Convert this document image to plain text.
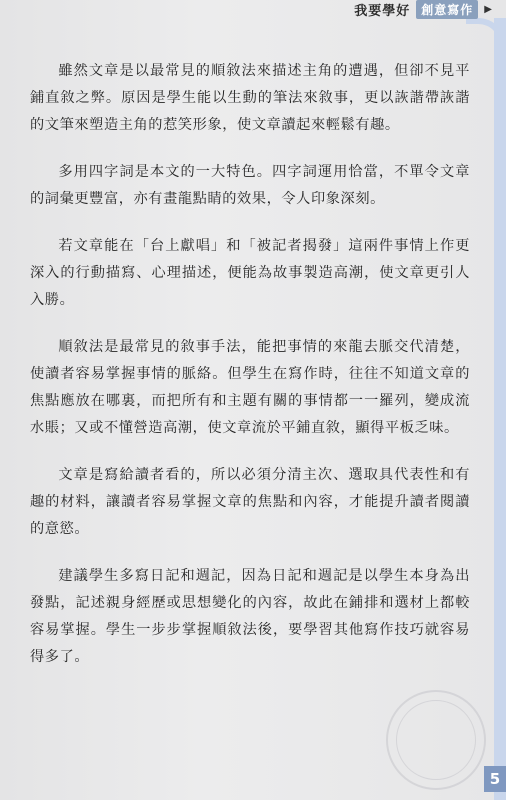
我要學好 創意寫作	▶

雖然文章是以最常見的順敘法來描述主角的遭遇，但卻不見平鋪直敘之弊。原因是學生能以生動的筆法來敘事，更以詼諧帶詼諧的文筆來塑造主角的惹笑形象，使文章讀起來輕鬆有趣。

多用四字詞是本文的一大特色。四字詞運用恰當，不單令文章的詞彙更豐富，亦有畫龍點睛的效果，令人印象深刻。

若文章能在「台上獻唱」和「被記者揭發」這兩件事情上作更深入的行動描寫、心理描述，便能為故事製造高潮，使文章更引人入勝。

順敘法是最常見的敘事手法，能把事情的來龍去脈交代清楚，使讀者容易掌握事情的脈絡。但學生在寫作時，往往不知道文章的焦點應放在哪裏，而把所有和主題有關的事情都一一羅列，變成流水賬；又或不懂營造高潮，使文章流於平鋪直敘，顯得平板乏味。

文章是寫給讀者看的，所以必須分清主次、選取具代表性和有趣的材料，讓讀者容易掌握文章的焦點和內容，才能提升讀者閱讀的意慾。

建議學生多寫日記和週記，因為日記和週記是以學生本身為出發點，記述親身經歷或思想變化的內容，故此在鋪排和選材上都較容易掌握。學生一步步掌握順敘法後，要學習其他寫作技巧就容易得多了。

5
